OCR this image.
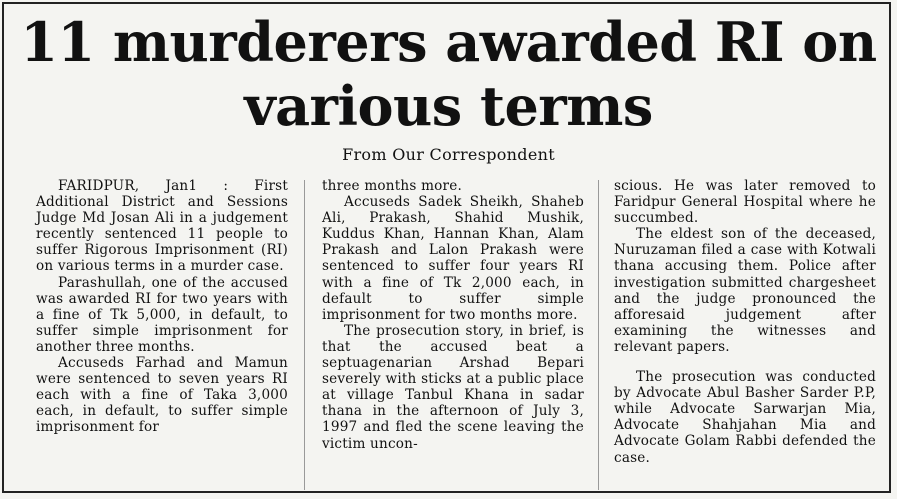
11 murderers awarded RI on
various terms
From Our Correspondent

FARIDPUR, Jan1 : First Additional District and Sessions Judge Md Josan Ali in a judgement recently sentenced 11 people to suffer Rigorous Imprisonment (RI) on various terms in a murder case.

Parashullah, one of the accused was awarded RI for two years with a fine of Tk 5,000, in default, to suffer simple imprisonment for another three months.

Accuseds Farhad and Mamun were sentenced to seven years RI each with a fine of Taka 3,000 each, in default, to suffer simple imprisonment for

three months more.

Accuseds Sadek Sheikh, Shaheb Ali, Prakash, Shahid Mushik, Kuddus Khan, Hannan Khan, Alam Prakash and Lalon Prakash were sentenced to suffer four years RI with a fine of Tk 2,000 each, in default to suffer simple imprisonment for two months more.

The prosecution story, in brief, is that the accused beat a septuagenarian Arshad Bepari severely with sticks at a public place at village Tanbul Khana in sadar thana in the afternoon of July 3, 1997 and fled the scene leaving the victim uncon-

scious. He was later removed to Faridpur General Hospital where he succumbed.

The eldest son of the deceased, Nuruzaman filed a case with Kotwali thana accusing them. Police after investigation submitted chargesheet and the judge pronounced the afforesaid judgement after examining the witnesses and relevant papers.

The prosecution was conducted by Advocate Abul Basher Sarder P.P, while Advocate Sarwarjan Mia, Advocate Shahjahan Mia and Advocate Golam Rabbi defended the case.
